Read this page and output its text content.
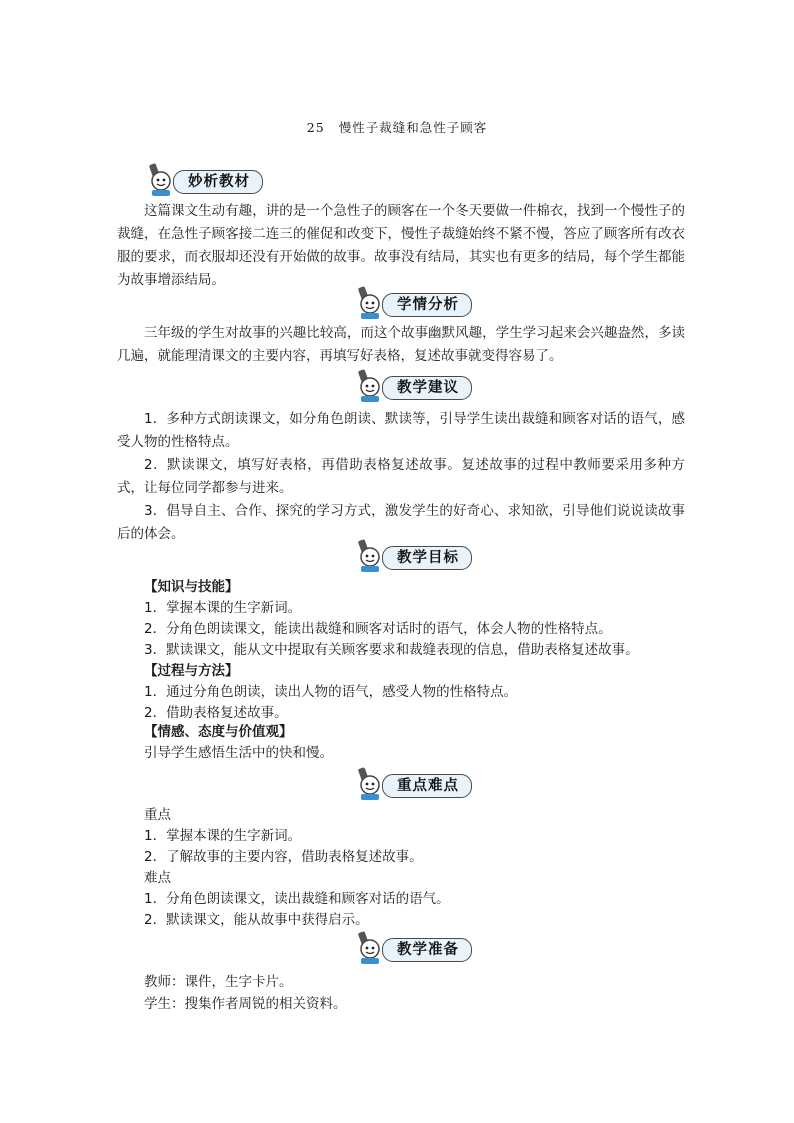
25 慢性子裁缝和急性子顾客
妙析教材

这篇课文生动有趣，讲的是一个急性子的顾客在一个冬天要做一件棉衣，找到一个慢性子的裁缝，在急性子顾客接二连三的催促和改变下，慢性子裁缝始终不紧不慢，答应了顾客所有改衣服的要求，而衣服却还没有开始做的故事。故事没有结局，其实也有更多的结局，每个学生都能为故事增添结局。

学情分析

三年级的学生对故事的兴趣比较高，而这个故事幽默风趣，学生学习起来会兴趣盎然，多读几遍，就能理清课文的主要内容，再填写好表格，复述故事就变得容易了。

教学建议

1．多种方式朗读课文，如分角色朗读、默读等，引导学生读出裁缝和顾客对话的语气，感受人物的性格特点。

2．默读课文，填写好表格，再借助表格复述故事。复述故事的过程中教师要采用多种方式，让每位同学都参与进来。

3．倡导自主、合作、探究的学习方式，激发学生的好奇心、求知欲，引导他们说说读故事后的体会。

教学目标

【知识与技能】

1．掌握本课的生字新词。

2．分角色朗读课文，能读出裁缝和顾客对话时的语气，体会人物的性格特点。

3．默读课文，能从文中提取有关顾客要求和裁缝表现的信息，借助表格复述故事。

【过程与方法】

1．通过分角色朗读，读出人物的语气，感受人物的性格特点。

2．借助表格复述故事。

【情感、态度与价值观】

引导学生感悟生活中的快和慢。

重点难点

重点

1．掌握本课的生字新词。

2．了解故事的主要内容，借助表格复述故事。

难点

1．分角色朗读课文，读出裁缝和顾客对话的语气。

2．默读课文，能从故事中获得启示。

教学准备

教师：课件，生字卡片。

学生：搜集作者周锐的相关资料。
